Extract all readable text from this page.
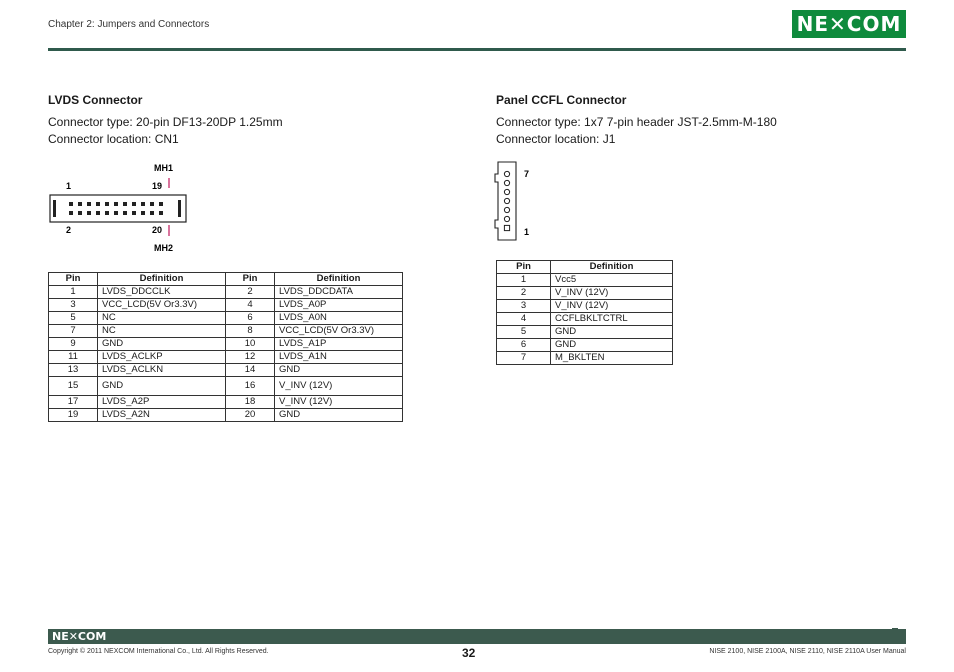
Chapter 2: Jumpers and Connectors	NE✕COM
LVDS Connector
Connector type: 20-pin DF13-20DP 1.25mm
Connector location: CN1
MH1
1	19
2	20
MH2
Pin	Definition	Pin	Definition
1	LVDS_DDCCLK	2	LVDS_DDCDATA
3	VCC_LCD(5V Or3.3V)	4	LVDS_A0P
5	NC	6	LVDS_A0N
7	NC	8	VCC_LCD(5V Or3.3V)
9	GND	10	LVDS_A1P
11	LVDS_ACLKP	12	LVDS_A1N
13	LVDS_ACLKN	14	GND
15	GND	16	V_INV (12V)
17	LVDS_A2P	18	V_INV (12V)
19	LVDS_A2N	20	GND
Panel CCFL Connector
Connector type: 1x7 7-pin header JST-2.5mm-M-180
Connector location: J1
7
1
Pin	Definition
1	Vcc5
2	V_INV (12V)
3	V_INV (12V)
4	CCFLBKLTCTRL
5	GND
6	GND
7	M_BKLTEN
NE✕COM
Copyright © 2011 NEXCOM International Co., Ltd. All Rights Reserved.	32	NISE 2100, NISE 2100A, NISE 2110, NISE 2110A User Manual
